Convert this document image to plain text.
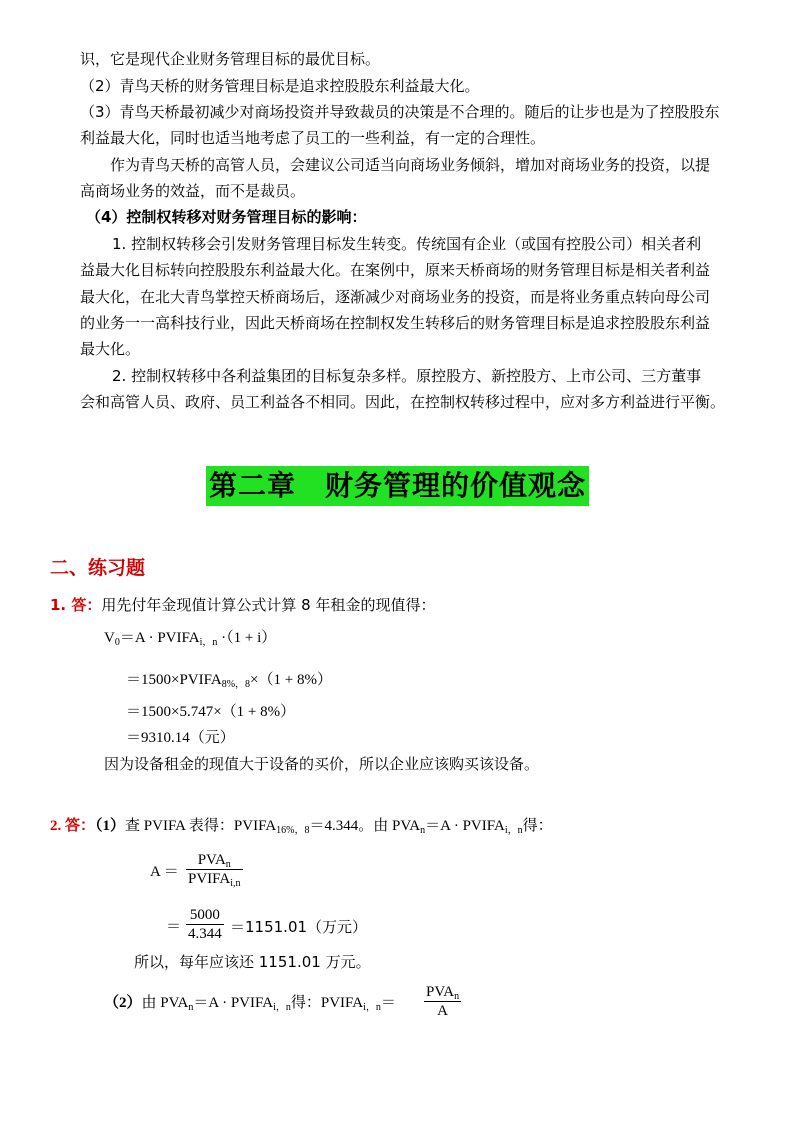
识，它是现代企业财务管理目标的最优目标。
（2）青鸟天桥的财务管理目标是追求控股股东利益最大化。
（3）青鸟天桥最初减少对商场投资并导致裁员的决策是不合理的。随后的让步也是为了控股股东
利益最大化，同时也适当地考虑了员工的一些利益，有一定的合理性。
作为青鸟天桥的高管人员，会建议公司适当向商场业务倾斜，增加对商场业务的投资，以提
高商场业务的效益，而不是裁员。
（4）控制权转移对财务管理目标的影响：
1. 控制权转移会引发财务管理目标发生转变。传统国有企业（或国有控股公司）相关者利
益最大化目标转向控股股东利益最大化。在案例中，原来天桥商场的财务管理目标是相关者利益
最大化，在北大青鸟掌控天桥商场后，逐渐减少对商场业务的投资，而是将业务重点转向母公司
的业务一一高科技行业，因此天桥商场在控制权发生转移后的财务管理目标是追求控股股东利益
最大化。
2. 控制权转移中各利益集团的目标复杂多样。原控股方、新控股方、上市公司、三方董事
会和高管人员、政府、员工利益各不相同。因此，在控制权转移过程中，应对多方利益进行平衡。
第二章　财务管理的价值观念
二、练习题
1. 答：用先付年金现值计算公式计算 8 年租金的现值得：
$V_0=A$ · $PVIFA_{i,n} \cdot(1 + i)$
$=1500\times PVIFA_{8\%,8}\times(1 + 8\%)$
＝1500×5.747×（1 + 8%）
＝9310.14（元）
因为设备租金的现值大于设备的买价，所以企业应该购买该设备。
2. 答：（1）查 PVIFA 表得：$PVIFA_{16\%,8}=4.344$。由 $PVA_n=A$ · $PVIFA_{i,n}$得：
A ＝
$PVA_n$
$PVIFA_{i,n}$
＝
5000
4.344 ＝1151.01（万元）
所以，每年应该还 1151.01 万元。
（2）由 $PVA_n=A$ · $PVIFA_{i,n}$得：$PVIFA_{i,n}=$
$PVA_n$
A
